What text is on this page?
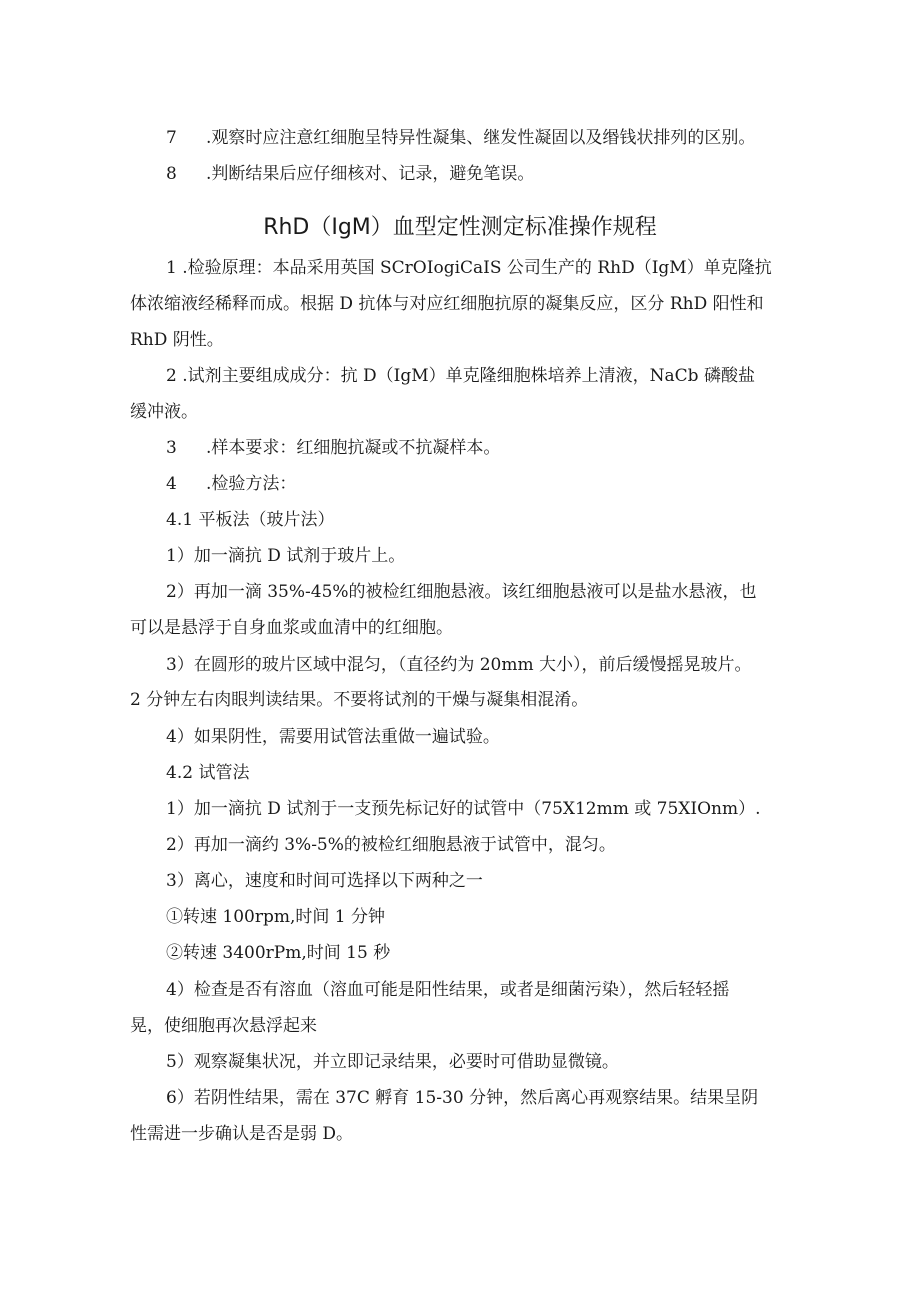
7 .观察时应注意红细胞呈特异性凝集、继发性凝固以及缗钱状排列的区别。
8 .判断结果后应仔细核对、记录，避免笔误。
RhD（IgM）血型定性测定标准操作规程
1 .检验原理：本品采用英国 SCrOIogiCaIS 公司生产的 RhD（IgM）单克隆抗
体浓缩液经稀释而成。根据 D 抗体与对应红细胞抗原的凝集反应，区分 RhD 阳性和
RhD 阴性。
2 .试剂主要组成成分：抗 D（IgM）单克隆细胞株培养上清液，NaCb 磷酸盐
缓冲液。
3 .样本要求：红细胞抗凝或不抗凝样本。
4 .检验方法：
4.1 平板法（玻片法）
1）加一滴抗 D 试剂于玻片上。
2）再加一滴 35%-45%的被检红细胞悬液。该红细胞悬液可以是盐水悬液，也
可以是悬浮于自身血浆或血清中的红细胞。
3）在圆形的玻片区域中混匀，（直径约为 20mm 大小），前后缓慢摇晃玻片。
2 分钟左右肉眼判读结果。不要将试剂的干燥与凝集相混淆。
4）如果阴性，需要用试管法重做一遍试验。
4.2 试管法
1）加一滴抗 D 试剂于一支预先标记好的试管中（75X12mm 或 75XIOnm）.
2）再加一滴约 3%-5%的被检红细胞悬液于试管中，混匀。
3）离心，速度和时间可选择以下两种之一
①转速 100rpm,时间 1 分钟
②转速 3400rPm,时间 15 秒
4）检查是否有溶血（溶血可能是阳性结果，或者是细菌污染），然后轻轻摇
晃，使细胞再次悬浮起来
5）观察凝集状况，并立即记录结果，必要时可借助显微镜。
6）若阴性结果，需在 37C 孵育 15-30 分钟，然后离心再观察结果。结果呈阴
性需进一步确认是否是弱 D。
